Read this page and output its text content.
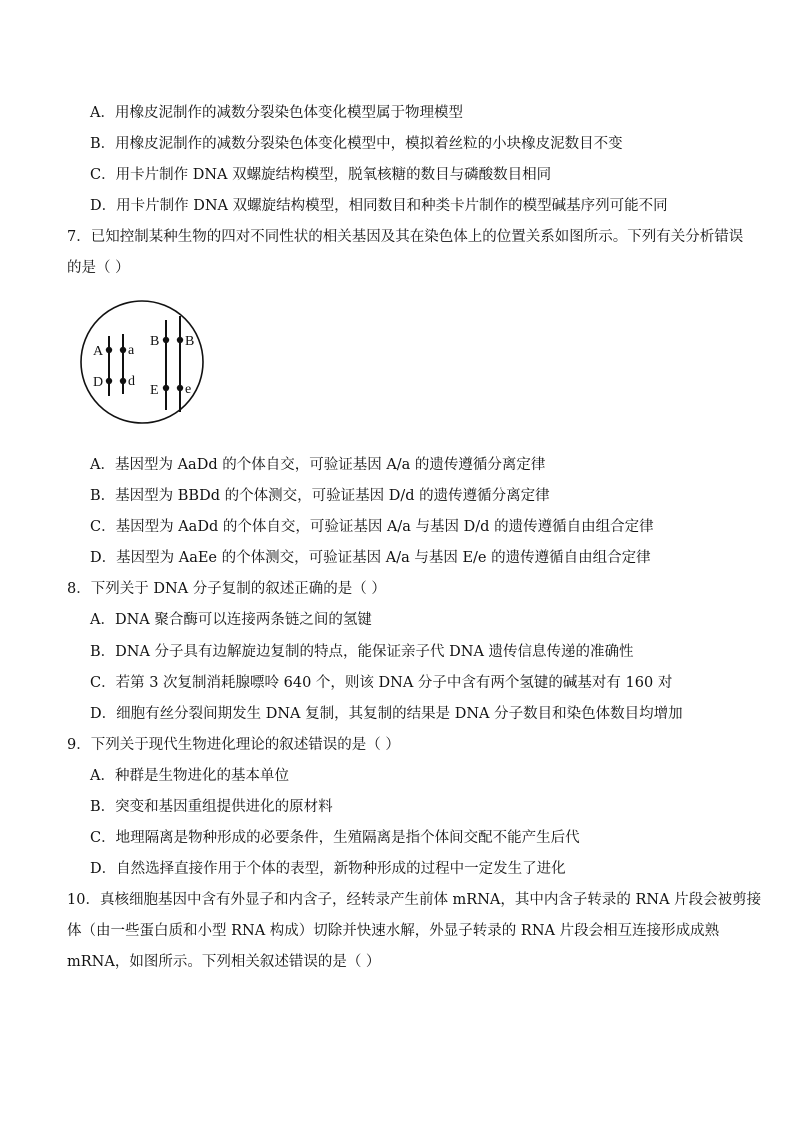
A．用橡皮泥制作的减数分裂染色体变化模型属于物理模型
B．用橡皮泥制作的减数分裂染色体变化模型中，模拟着丝粒的小块橡皮泥数目不变
C．用卡片制作 DNA 双螺旋结构模型，脱氧核糖的数目与磷酸数目相同
D．用卡片制作 DNA 双螺旋结构模型，相同数目和种类卡片制作的模型碱基序列可能不同
7．已知控制某种生物的四对不同性状的相关基因及其在染色体上的位置关系如图所示。下列有关分析错误
的是（ ）
A a
D d
B B
E e
A．基因型为 AaDd 的个体自交，可验证基因 A/a 的遗传遵循分离定律
B．基因型为 BBDd 的个体测交，可验证基因 D/d 的遗传遵循分离定律
C．基因型为 AaDd 的个体自交，可验证基因 A/a 与基因 D/d 的遗传遵循自由组合定律
D．基因型为 AaEe 的个体测交，可验证基因 A/a 与基因 E/e 的遗传遵循自由组合定律
8．下列关于 DNA 分子复制的叙述正确的是（ ）
A．DNA 聚合酶可以连接两条链之间的氢键
B．DNA 分子具有边解旋边复制的特点，能保证亲子代 DNA 遗传信息传递的准确性
C．若第 3 次复制消耗腺嘌呤 640 个，则该 DNA 分子中含有两个氢键的碱基对有 160 对
D．细胞有丝分裂间期发生 DNA 复制，其复制的结果是 DNA 分子数目和染色体数目均增加
9．下列关于现代生物进化理论的叙述错误的是（ ）
A．种群是生物进化的基本单位
B．突变和基因重组提供进化的原材料
C．地理隔离是物种形成的必要条件，生殖隔离是指个体间交配不能产生后代
D．自然选择直接作用于个体的表型，新物种形成的过程中一定发生了进化
10．真核细胞基因中含有外显子和内含子，经转录产生前体 mRNA，其中内含子转录的 RNA 片段会被剪接
体（由一些蛋白质和小型 RNA 构成）切除并快速水解，外显子转录的 RNA 片段会相互连接形成成熟
mRNA，如图所示。下列相关叙述错误的是（ ）
